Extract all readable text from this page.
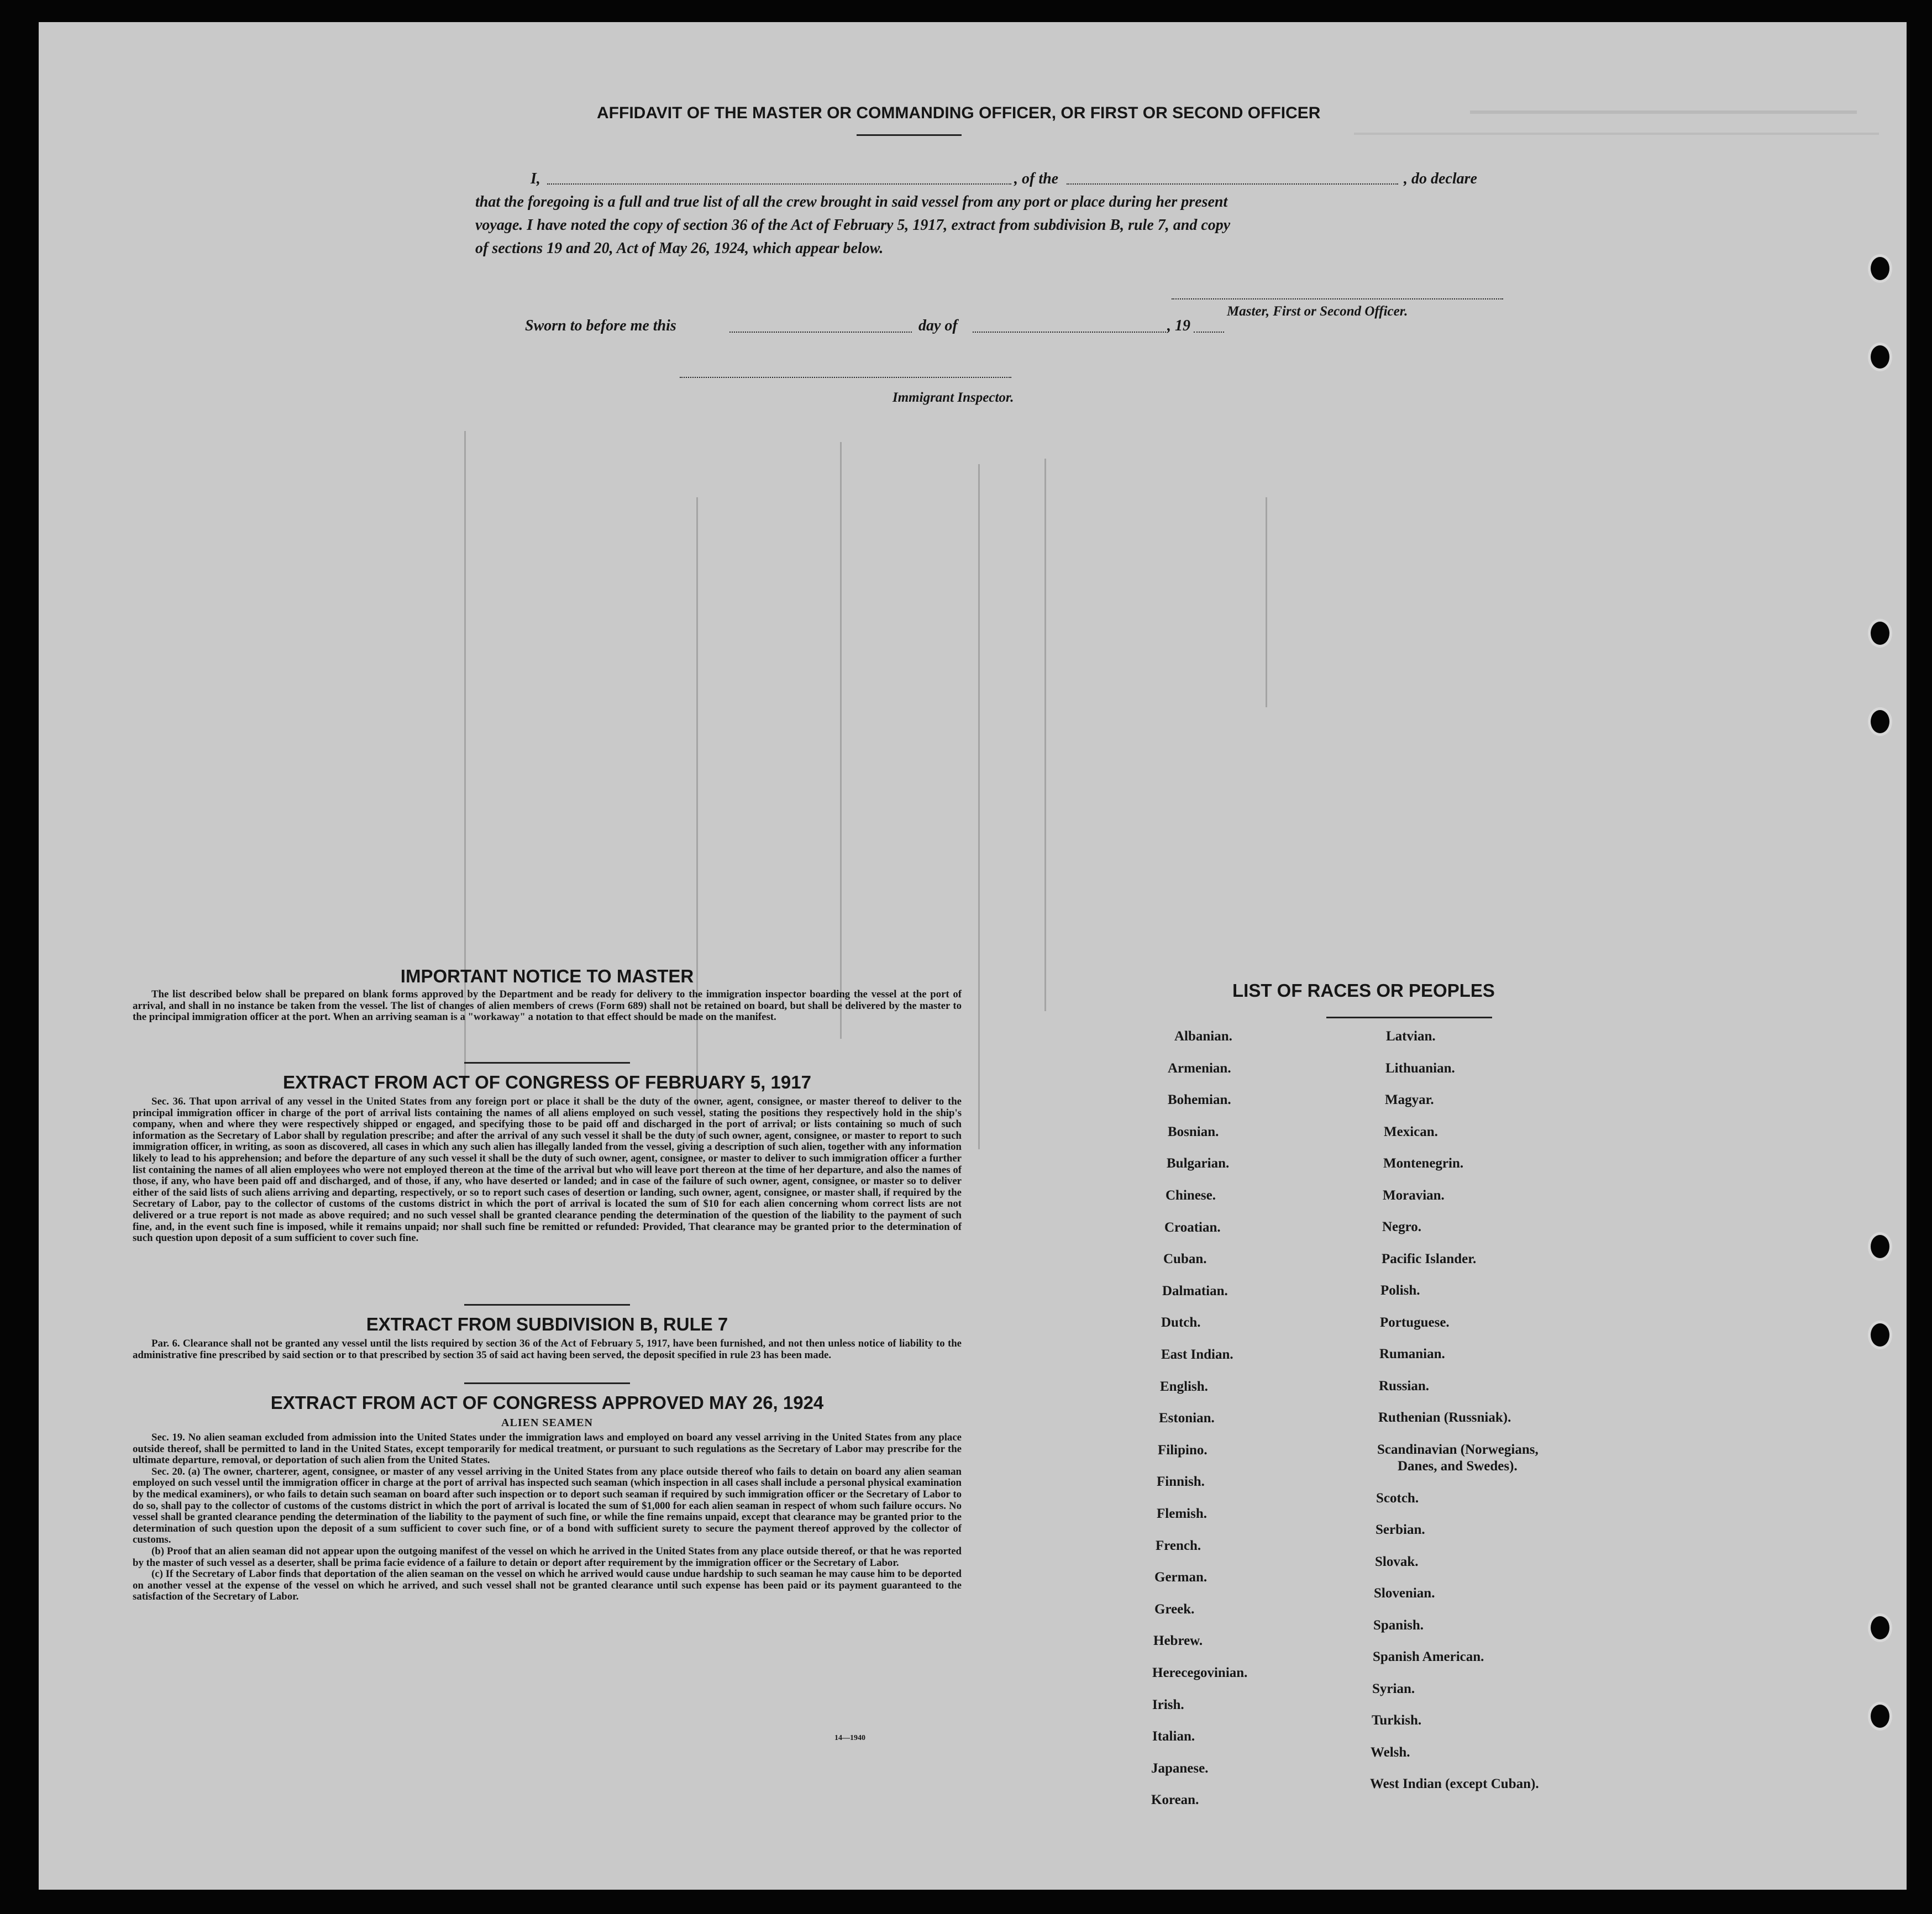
AFFIDAVIT OF THE MASTER OR COMMANDING OFFICER, OR FIRST OR SECOND OFFICER
I,	, of the	, do declare
that the foregoing is a full and true list of all the crew brought in said vessel from any port or place during her present
voyage. I have noted the copy of section 36 of the Act of February 5, 1917, extract from subdivision B, rule 7, and copy
of sections 19 and 20, Act of May 26, 1924, which appear below.
Master, First or Second Officer.
Sworn to before me this	day of	, 19
Immigrant Inspector.
IMPORTANT NOTICE TO MASTER

The list described below shall be prepared on blank forms approved by the Department and be ready for delivery to the immigration inspector boarding the vessel at the port of arrival, and shall in no instance be taken from the vessel. The list of changes of alien members of crews (Form 689) shall not be retained on board, but shall be delivered by the master to the principal immigration officer at the port. When an arriving seaman is a "workaway" a notation to that effect should be made on the manifest.

EXTRACT FROM ACT OF CONGRESS OF FEBRUARY 5, 1917

Sec. 36. That upon arrival of any vessel in the United States from any foreign port or place it shall be the duty of the owner, agent, consignee, or master thereof to deliver to the principal immigration officer in charge of the port of arrival lists containing the names of all aliens employed on such vessel, stating the positions they respectively hold in the ship's company, when and where they were respectively shipped or engaged, and specifying those to be paid off and discharged in the port of arrival; or lists containing so much of such information as the Secretary of Labor shall by regulation prescribe; and after the arrival of any such vessel it shall be the duty of such owner, agent, consignee, or master to report to such immigration officer, in writing, as soon as discovered, all cases in which any such alien has illegally landed from the vessel, giving a description of such alien, together with any information likely to lead to his apprehension; and before the departure of any such vessel it shall be the duty of such owner, agent, consignee, or master to deliver to such immigration officer a further list containing the names of all alien employees who were not employed thereon at the time of the arrival but who will leave port thereon at the time of her departure, and also the names of those, if any, who have been paid off and discharged, and of those, if any, who have deserted or landed; and in case of the failure of such owner, agent, consignee, or master so to deliver either of the said lists of such aliens arriving and departing, respectively, or so to report such cases of desertion or landing, such owner, agent, consignee, or master shall, if required by the Secretary of Labor, pay to the collector of customs of the customs district in which the port of arrival is located the sum of $10 for each alien concerning whom correct lists are not delivered or a true report is not made as above required; and no such vessel shall be granted clearance pending the determination of the question of the liability to the payment of such fine, and, in the event such fine is imposed, while it remains unpaid; nor shall such fine be remitted or refunded: Provided, That clearance may be granted prior to the determination of such question upon deposit of a sum sufficient to cover such fine.

EXTRACT FROM SUBDIVISION B, RULE 7

Par. 6. Clearance shall not be granted any vessel until the lists required by section 36 of the Act of February 5, 1917, have been furnished, and not then unless notice of liability to the administrative fine prescribed by said section or to that prescribed by section 35 of said act having been served, the deposit specified in rule 23 has been made.

EXTRACT FROM ACT OF CONGRESS APPROVED MAY 26, 1924
ALIEN SEAMEN

Sec. 19. No alien seaman excluded from admission into the United States under the immigration laws and employed on board any vessel arriving in the United States from any place outside thereof, shall be permitted to land in the United States, except temporarily for medical treatment, or pursuant to such regulations as the Secretary of Labor may prescribe for the ultimate departure, removal, or deportation of such alien from the United States.

Sec. 20. (a) The owner, charterer, agent, consignee, or master of any vessel arriving in the United States from any place outside thereof who fails to detain on board any alien seaman employed on such vessel until the immigration officer in charge at the port of arrival has inspected such seaman (which inspection in all cases shall include a personal physical examination by the medical examiners), or who fails to detain such seaman on board after such inspection or to deport such seaman if required by such immigration officer or the Secretary of Labor to do so, shall pay to the collector of customs of the customs district in which the port of arrival is located the sum of $1,000 for each alien seaman in respect of whom such failure occurs. No vessel shall be granted clearance pending the determination of the liability to the payment of such fine, or while the fine remains unpaid, except that clearance may be granted prior to the determination of such question upon the deposit of a sum sufficient to cover such fine, or of a bond with sufficient surety to secure the payment thereof approved by the collector of customs.

(b) Proof that an alien seaman did not appear upon the outgoing manifest of the vessel on which he arrived in the United States from any place outside thereof, or that he was reported by the master of such vessel as a deserter, shall be prima facie evidence of a failure to detain or deport after requirement by the immigration officer or the Secretary of Labor.

(c) If the Secretary of Labor finds that deportation of the alien seaman on the vessel on which he arrived would cause undue hardship to such seaman he may cause him to be deported on another vessel at the expense of the vessel on which he arrived, and such vessel shall not be granted clearance until such expense has been paid or its payment guaranteed to the satisfaction of the Secretary of Labor.

14—1940
LIST OF RACES OR PEOPLES
Albanian.
Armenian.
Bohemian.
Bosnian.
Bulgarian.
Chinese.
Croatian.
Cuban.
Dalmatian.
Dutch.
East Indian.
English.
Estonian.
Filipino.
Finnish.
Flemish.
French.
German.
Greek.
Hebrew.
Herecegovinian.
Irish.
Italian.
Japanese.
Korean.
Latvian.
Lithuanian.
Magyar.
Mexican.
Montenegrin.
Moravian.
Negro.
Pacific Islander.
Polish.
Portuguese.
Rumanian.
Russian.
Ruthenian (Russniak).
Scandinavian (Norwegians,
Danes, and Swedes).
Scotch.
Serbian.
Slovak.
Slovenian.
Spanish.
Spanish American.
Syrian.
Turkish.
Welsh.
West Indian (except Cuban).
